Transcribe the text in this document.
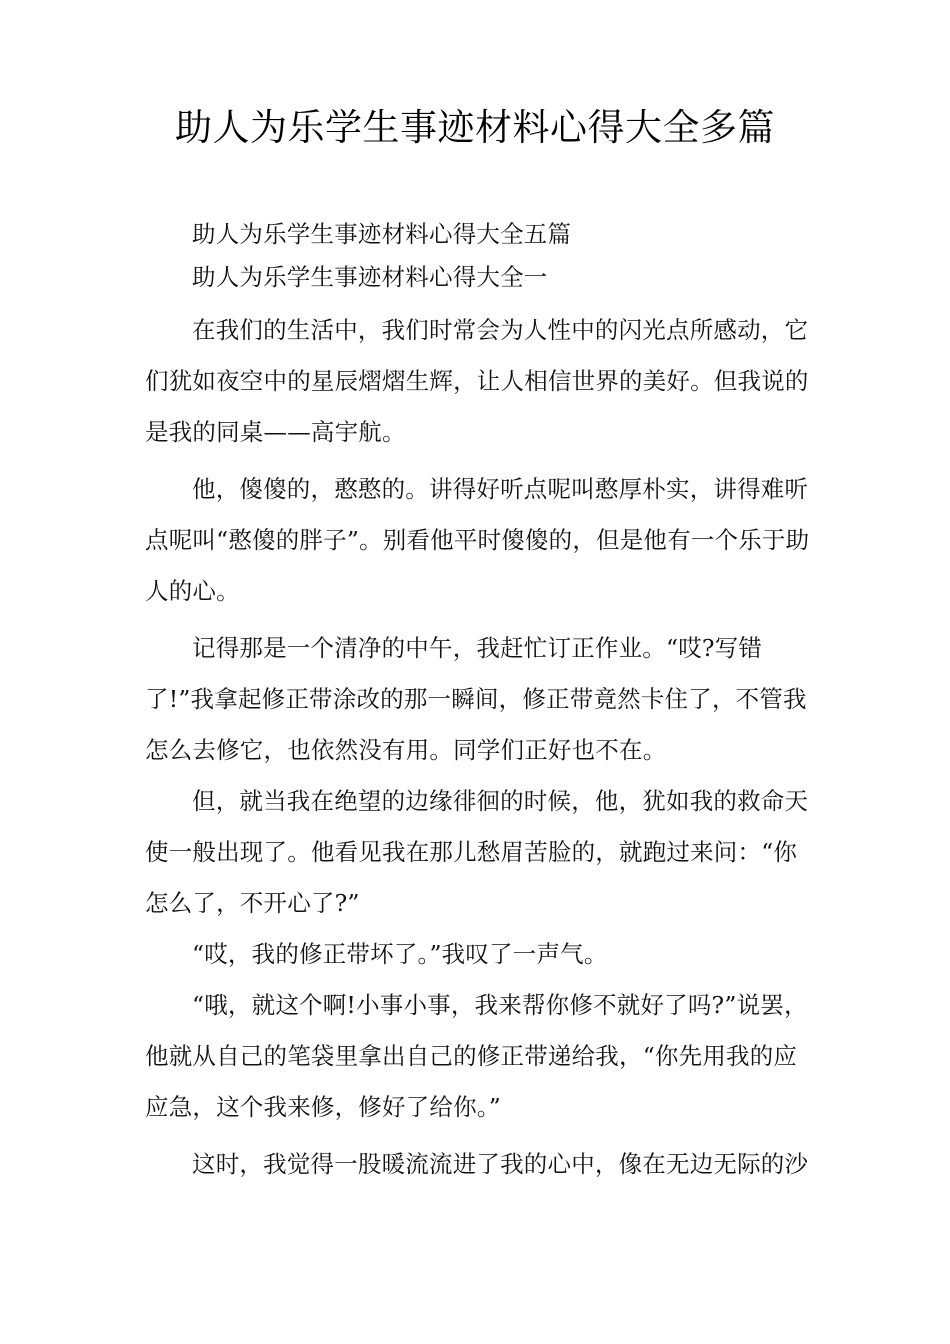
助人为乐学生事迹材料心得大全多篇

助人为乐学生事迹材料心得大全五篇

助人为乐学生事迹材料心得大全一

在我们的生活中，我们时常会为人性中的闪光点所感动，它们犹如夜空中的星辰熠熠生辉，让人相信世界的美好。但我说的是我的同桌——高宇航。

他，傻傻的，憨憨的。讲得好听点呢叫憨厚朴实，讲得难听点呢叫“憨傻的胖子”。别看他平时傻傻的，但是他有一个乐于助人的心。

记得那是一个清净的中午，我赶忙订正作业。“哎?写错了!”我拿起修正带涂改的那一瞬间，修正带竟然卡住了，不管我怎么去修它，也依然没有用。同学们正好也不在。

但，就当我在绝望的边缘徘徊的时候，他，犹如我的救命天使一般出现了。他看见我在那儿愁眉苦脸的，就跑过来问：“你怎么了，不开心了?”

“哎，我的修正带坏了。”我叹了一声气。

“哦，就这个啊!小事小事，我来帮你修不就好了吗?”说罢，他就从自己的笔袋里拿出自己的修正带递给我，“你先用我的应应急，这个我来修，修好了给你。”

这时，我觉得一股暖流流进了我的心中，像在无边无际的沙
